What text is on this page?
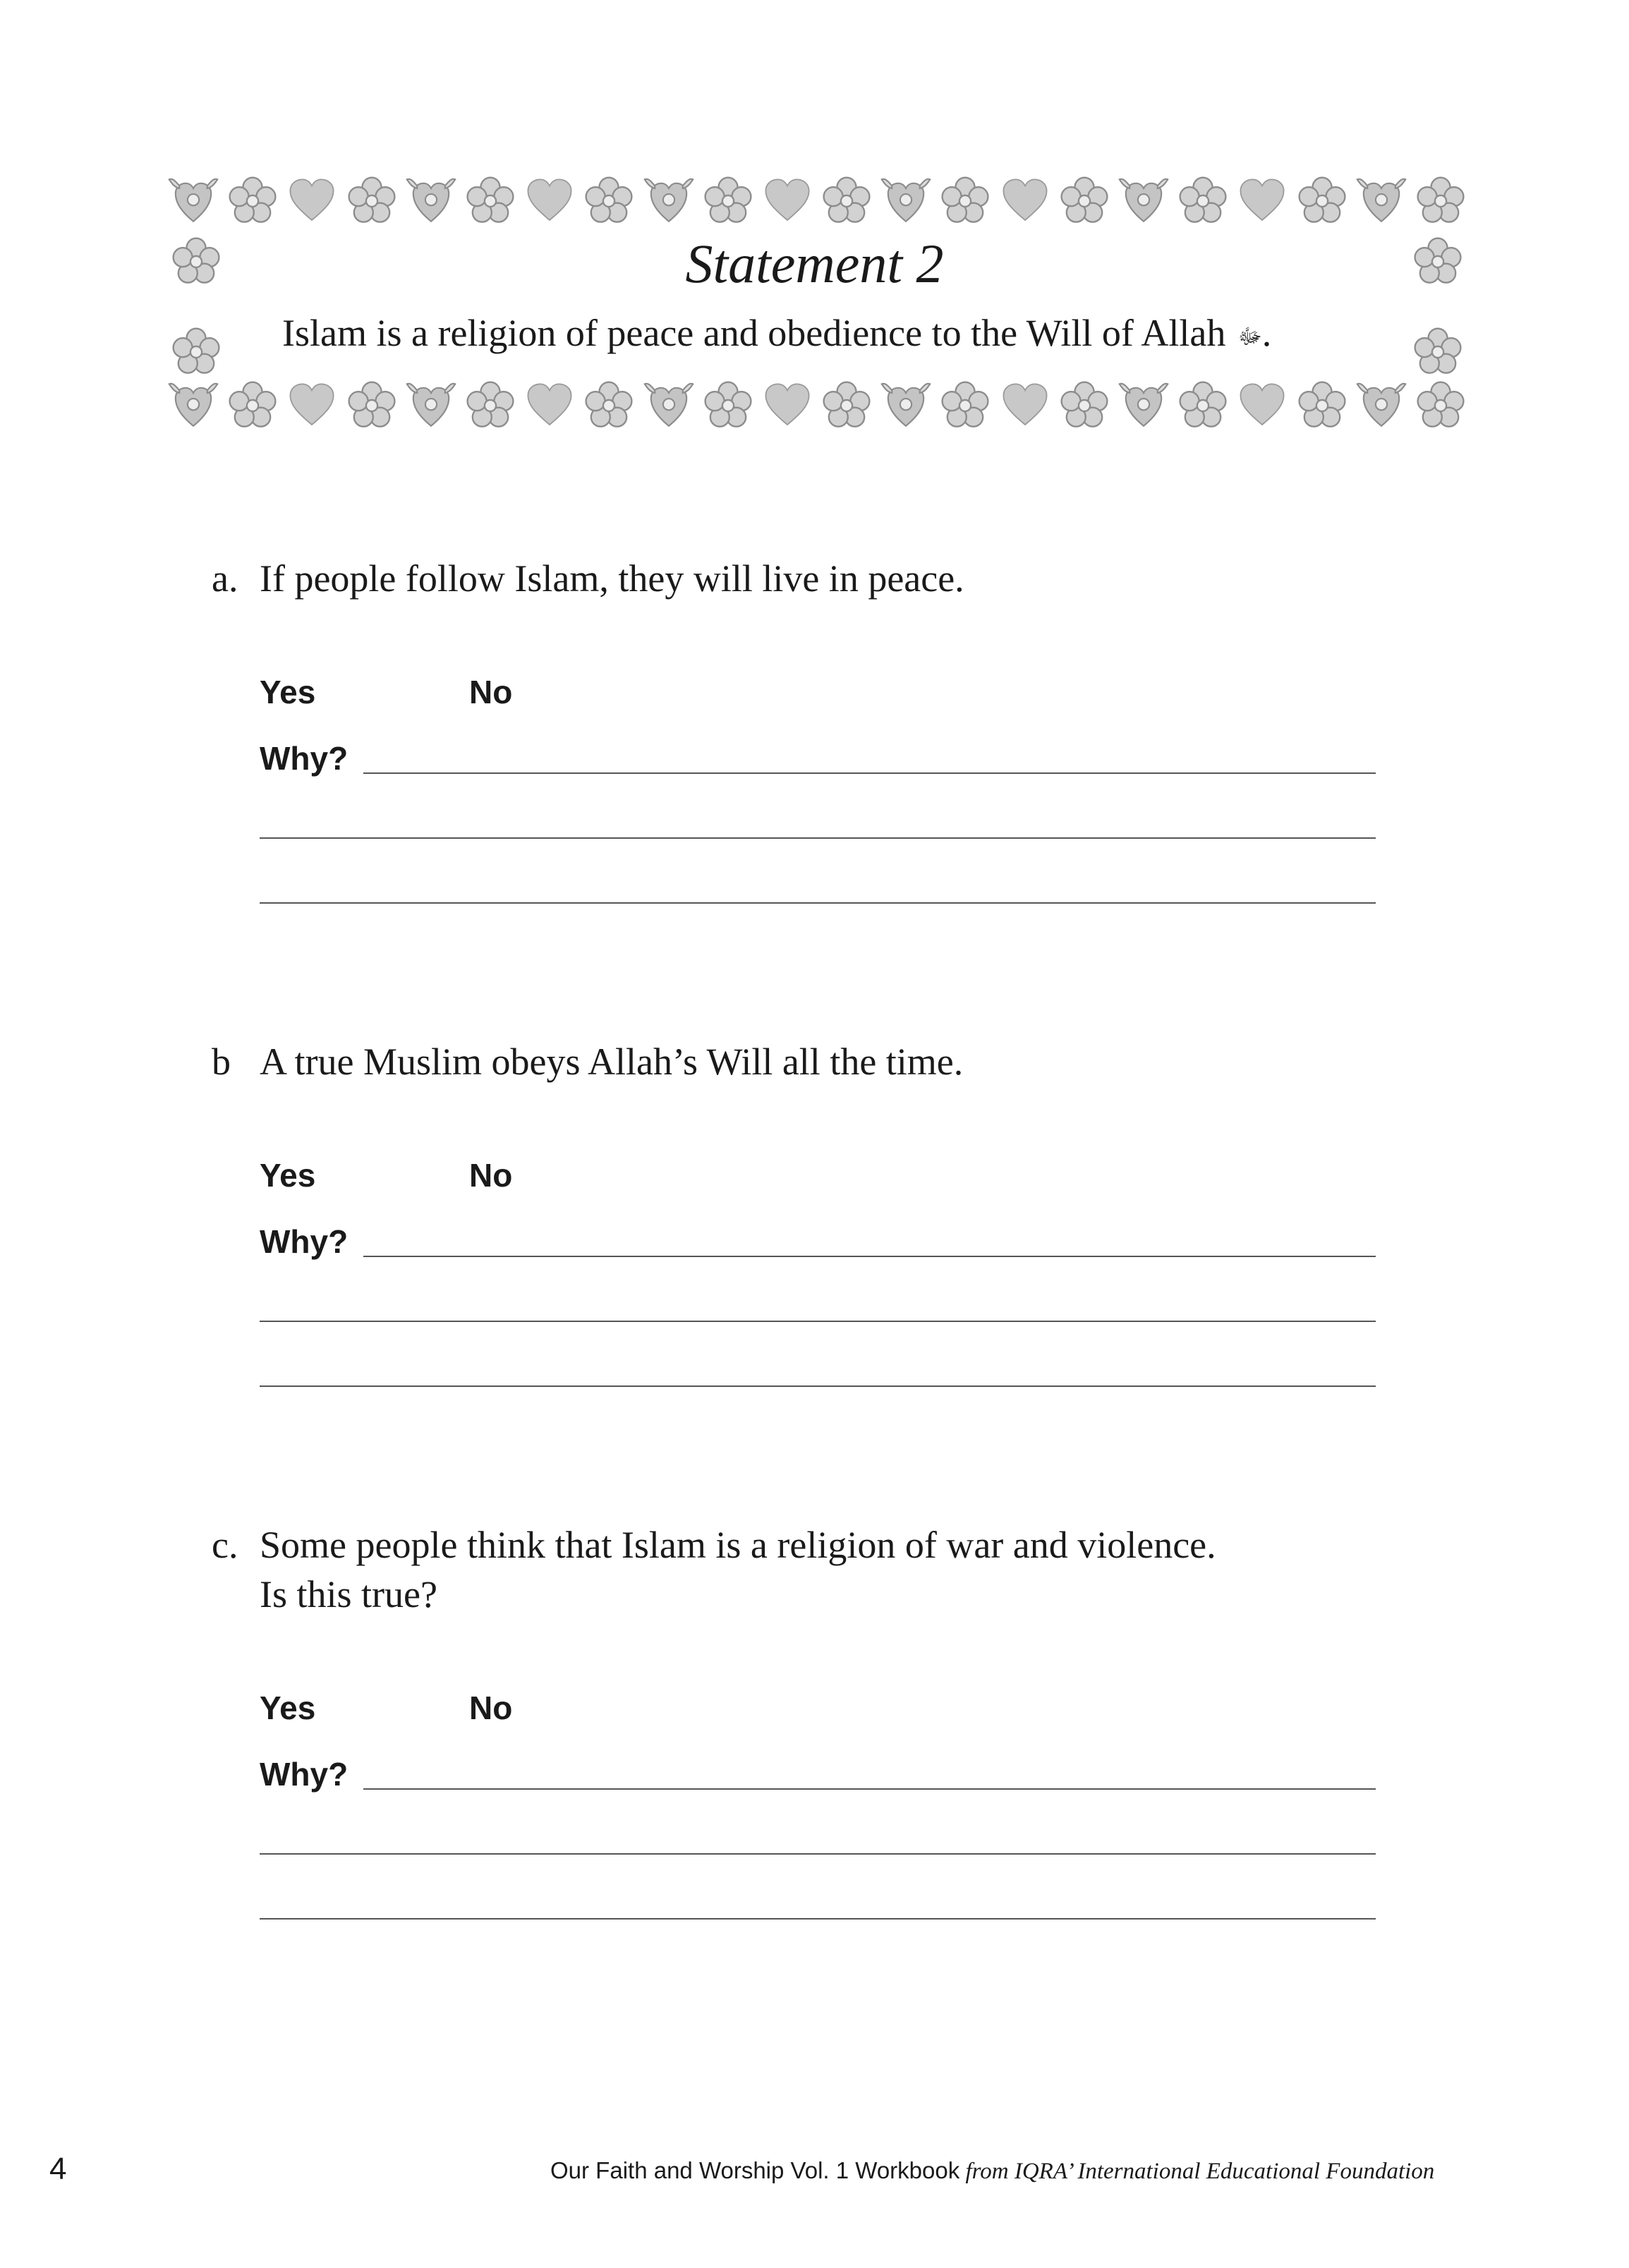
Statement 2
Islam is a religion of peace and obedience to the Will of Allah ﷻ.
a. If people follow Islam, they will live in peace.
Yes	No
Why?
b A true Muslim obeys Allah’s Will all the time.
Yes	No
Why?
c. Some people think that Islam is a religion of war and violence.
Is this true?
Yes	No
Why?
4	Our Faith and Worship Vol. 1 Workbook from IQRA’ International Educational Foundation
